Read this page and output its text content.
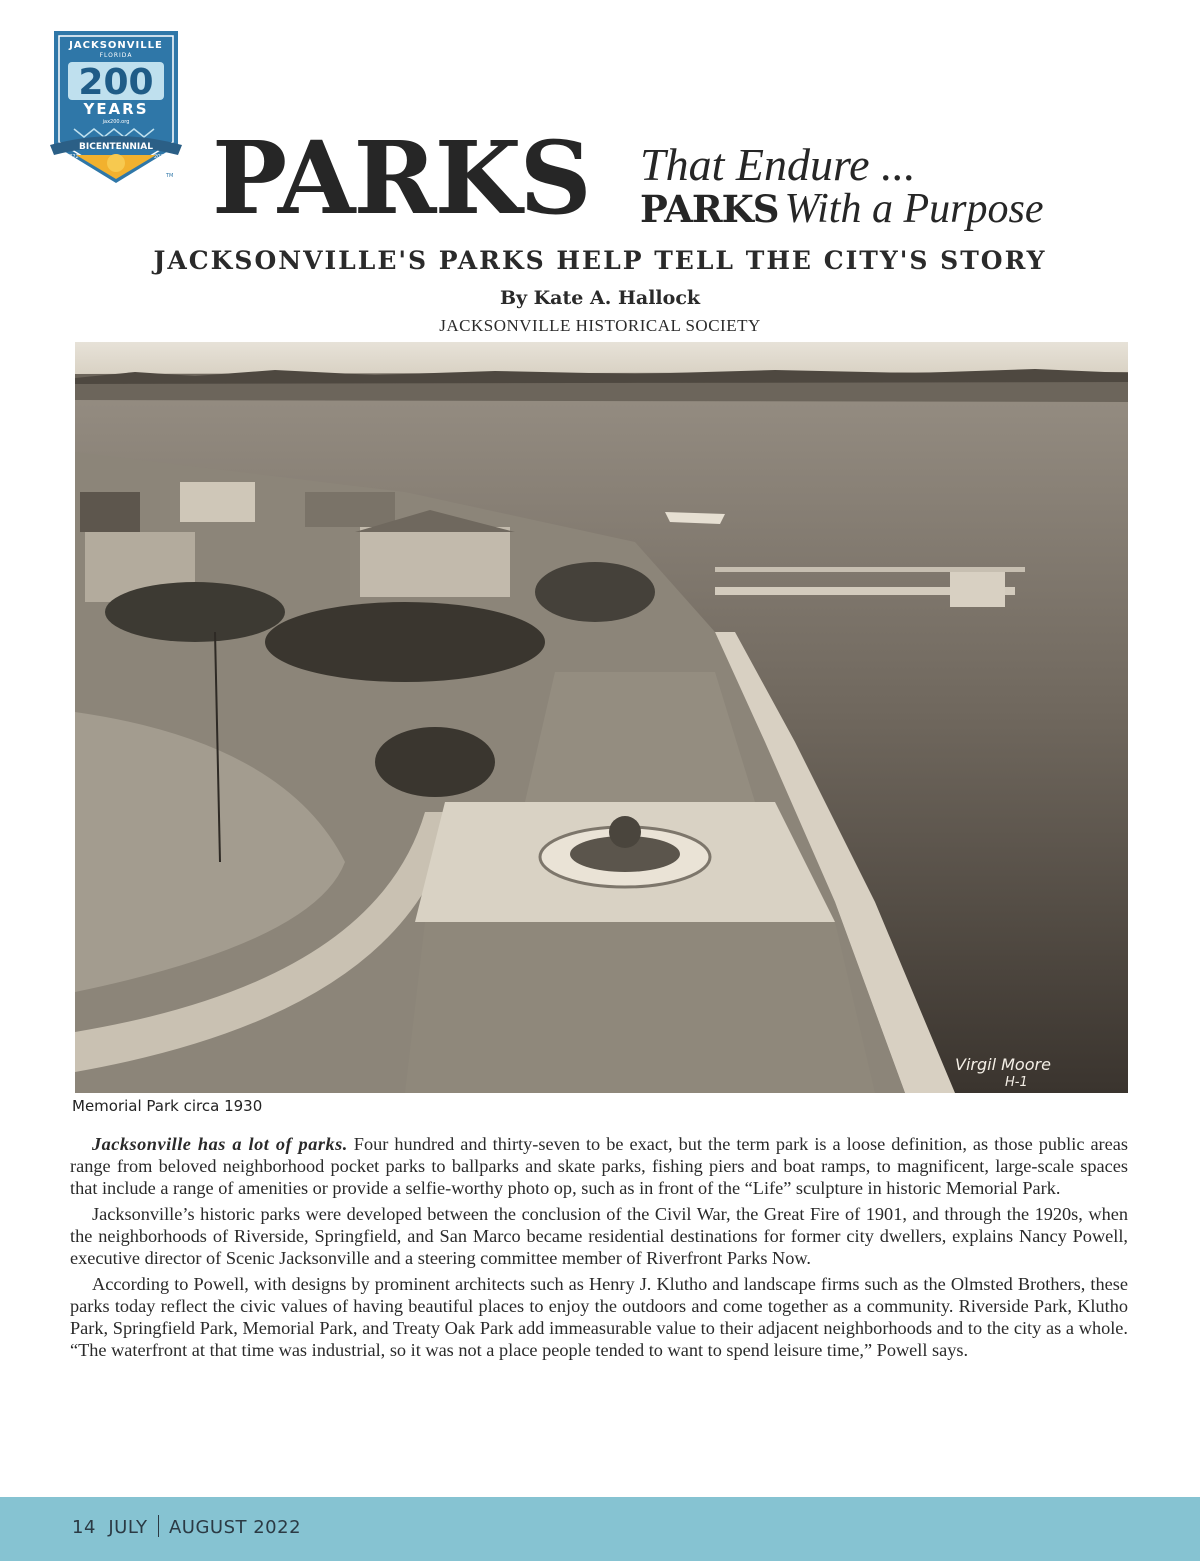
JACKSONVILLE
FLORIDA
200
YEARS
jax200.org
BICENTENNIAL
1822	2022
TM PARKS That Endure ...
PARKS With a Purpose
JACKSONVILLE'S PARKS HELP TELL THE CITY'S STORY
By Kate A. Hallock
JACKSONVILLE HISTORICAL SOCIETY
Virgil Moore
H-1
Memorial Park circa 1930

Jacksonville has a lot of parks. Four hundred and thirty-seven to be exact, but the term park is a loose definition, as those public areas range from beloved neighborhood pocket parks to ballparks and skate parks, fishing piers and boat ramps, to magnificent, large-scale spaces that include a range of amenities or provide a selfie-worthy photo op, such as in front of the “Life” sculpture in historic Memorial Park.

Jacksonville’s historic parks were developed between the conclusion of the Civil War, the Great Fire of 1901, and through the 1920s, when the neighborhoods of Riverside, Springfield, and San Marco became residential destinations for former city dwellers, explains Nancy Powell, executive director of Scenic Jacksonville and a steering committee member of Riverfront Parks Now.

According to Powell, with designs by prominent architects such as Henry J. Klutho and landscape firms such as the Olmsted Brothers, these parks today reflect the civic values of having beautiful places to enjoy the outdoors and come together as a community. Riverside Park, Klutho Park, Springfield Park, Memorial Park, and Treaty Oak Park add immeasurable value to their adjacent neighborhoods and to the city as a whole. “The waterfront at that time was industrial, so it was not a place people tended to want to spend leisure time,” Powell says.

14 JULY AUGUST 2022
